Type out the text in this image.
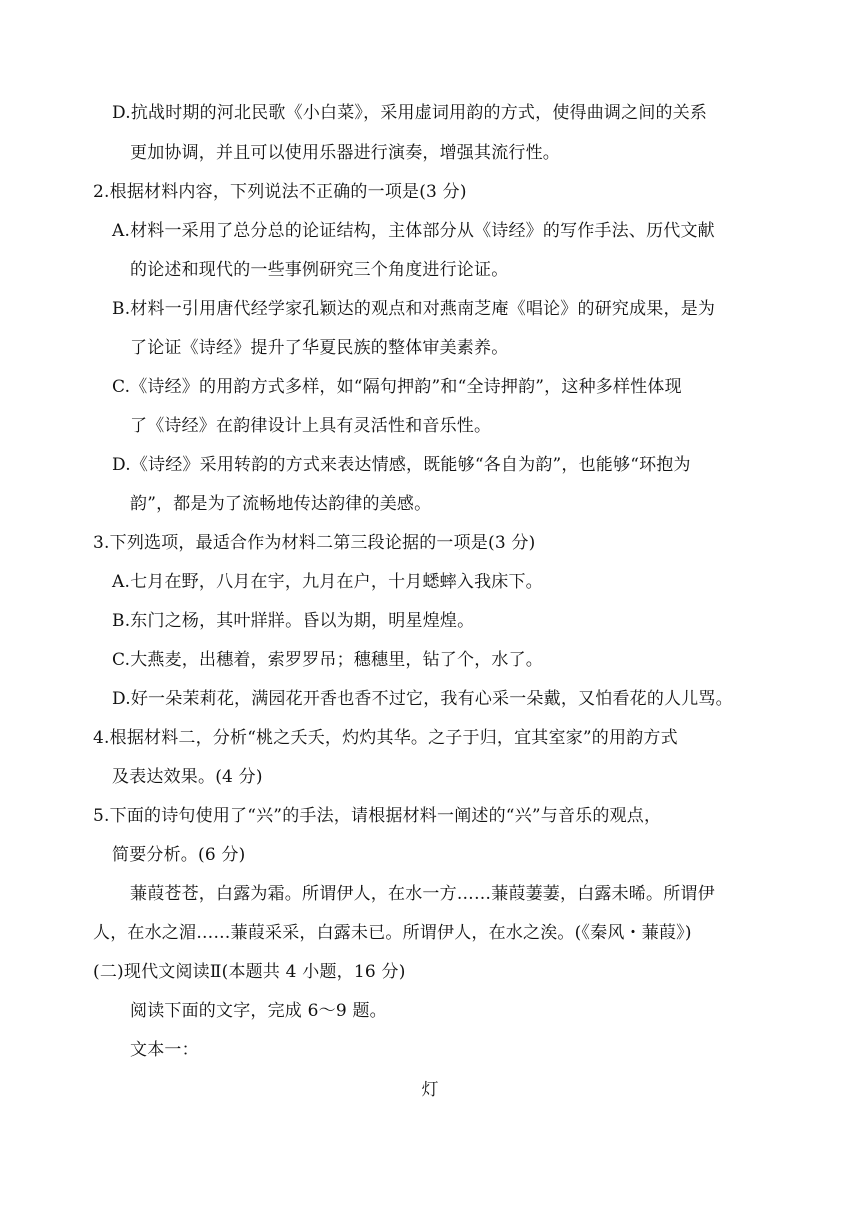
D.抗战时期的河北民歌《小白菜》，采用虚词用韵的方式，使得曲调之间的关系
更加协调，并且可以使用乐器进行演奏，增强其流行性。
2.根据材料内容，下列说法不正确的一项是(3 分)
A.材料一采用了总分总的论证结构，主体部分从《诗经》的写作手法、历代文献
的论述和现代的一些事例研究三个角度进行论证。
B.材料一引用唐代经学家孔颖达的观点和对燕南芝庵《唱论》的研究成果，是为
了论证《诗经》提升了华夏民族的整体审美素养。
C.《诗经》的用韵方式多样，如“隔句押韵”和“全诗押韵”，这种多样性体现
了《诗经》在韵律设计上具有灵活性和音乐性。
D.《诗经》采用转韵的方式来表达情感，既能够“各自为韵”，也能够“环抱为
韵”，都是为了流畅地传达韵律的美感。
3.下列选项，最适合作为材料二第三段论据的一项是(3 分)
A.七月在野，八月在宇，九月在户，十月蟋蟀入我床下。
B.东门之杨，其叶牂牂。昏以为期，明星煌煌。
C.大燕麦，出穗着，索罗罗吊；穗穗里，钻了个，水了。
D.好一朵茉莉花，满园花开香也香不过它，我有心采一朵戴，又怕看花的人儿骂。
4.根据材料二，分析“桃之夭夭，灼灼其华。之子于归，宜其室家”的用韵方式
及表达效果。(4 分)
5.下面的诗句使用了“兴”的手法，请根据材料一阐述的“兴”与音乐的观点，
简要分析。(6 分)
蒹葭苍苍，白露为霜。所谓伊人，在水一方……蒹葭萋萋，白露未晞。所谓伊
人，在水之湄……蒹葭采采，白露未已。所谓伊人，在水之涘。(《秦风・蒹葭》)
(二)现代文阅读Ⅱ(本题共 4 小题，16 分)
阅读下面的文字，完成 6～9 题。
文本一：
灯
